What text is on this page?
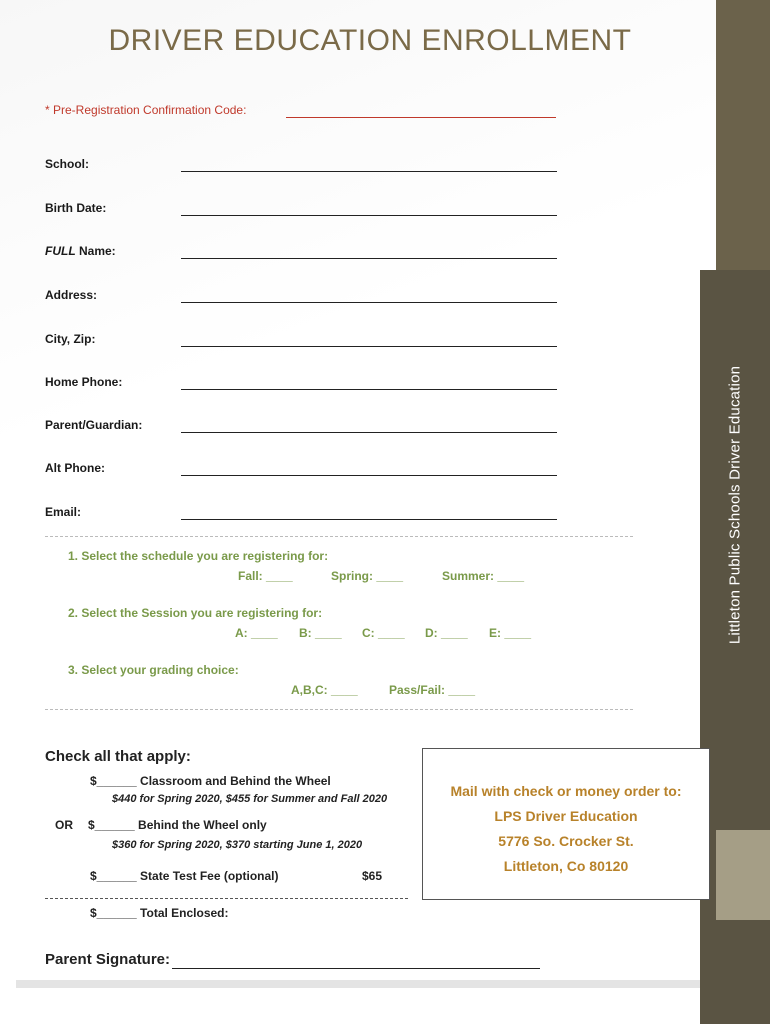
Littleton Public Schools Driver Education
DRIVER EDUCATION ENROLLMENT
* Pre-Registration Confirmation Code:
School:
Birth Date:
FULL Name:
Address:
City, Zip:
Home Phone:
Parent/Guardian:
Alt Phone:
Email:
1. Select the schedule you are registering for:
Fall: ____	Spring: ____	Summer: ____
2. Select the Session you are registering for:
A: ____ B: ____ C: ____ D: ____ E: ____
3. Select your grading choice:
A,B,C: ____	Pass/Fail: ____
Check all that apply:
$______ Classroom and Behind the Wheel
$440 for Spring 2020, $455 for Summer and Fall 2020
OR $______ Behind the Wheel only
$360 for Spring 2020, $370 starting June 1, 2020
$______ State Test Fee (optional)	$65
$______ Total Enclosed:
Mail with check or money order to:
LPS Driver Education
5776 So. Crocker St.
Littleton, Co 80120
Parent Signature:
